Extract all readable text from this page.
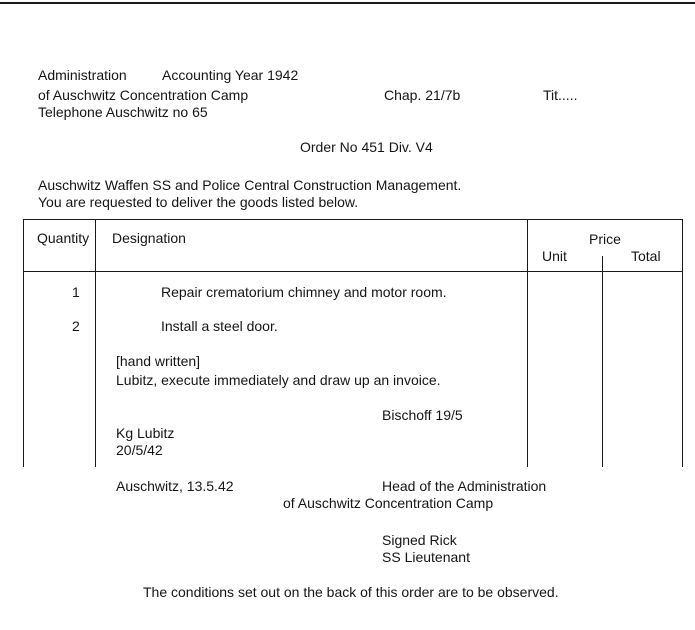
Administration	Accounting Year 1942
of Auschwitz Concentration Camp	Chap. 21/7b	Tit.....
Telephone Auschwitz no 65
Order No 451 Div. V4
Auschwitz Waffen SS and Police Central Construction Management.
You are requested to deliver the goods listed below.
Quantity Designation	Price
Unit	Total
1	Repair crematorium chimney and motor room.
2	Install a steel door.
[hand written]
Lubitz, execute immediately and draw up an invoice.
Bischoff 19/5
Kg Lubitz
20/5/42
Auschwitz, 13.5.42	Head of the Administration
of Auschwitz Concentration Camp
Signed Rick
SS Lieutenant
The conditions set out on the back of this order are to be observed.
